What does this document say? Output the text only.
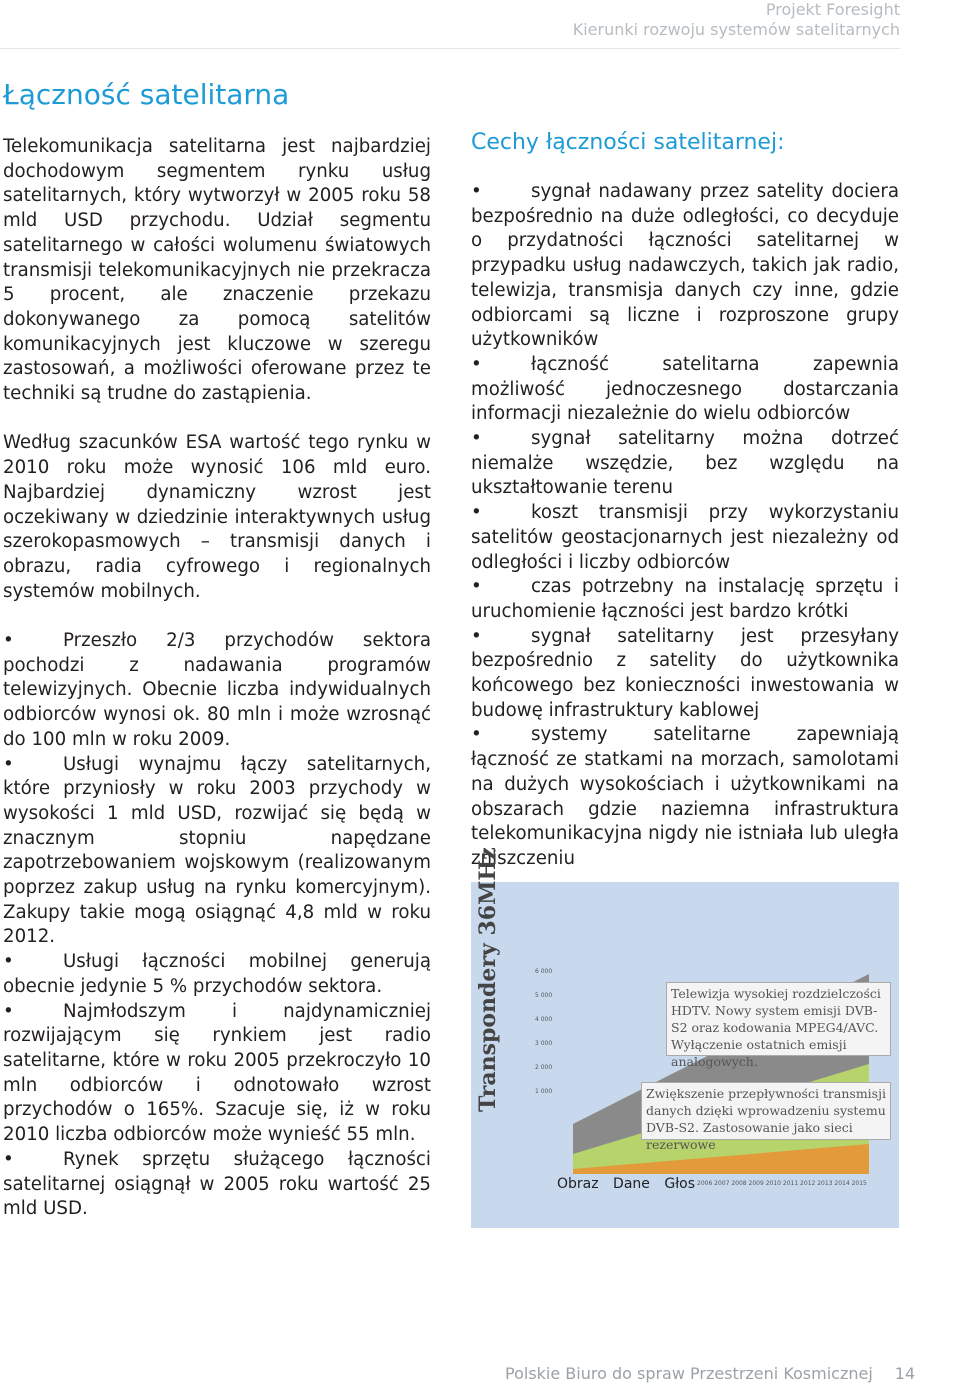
Projekt Foresight
Kierunki rozwoju systemów satelitarnych
Łączność satelitarna

Telekomunikacja satelitarna jest najbardziej dochodowym segmentem rynku usług satelitarnych, który wytworzył w 2005 roku 58 mld USD przychodu. Udział segmentu satelitarnego w całości wolumenu światowych transmisji telekomunikacyjnych nie przekracza 5 procent, ale znaczenie przekazu dokonywanego za pomocą satelitów komunikacyjnych jest kluczowe w szeregu zastosowań, a możliwości oferowane przez te techniki są trudne do zastąpienia.

Według szacunków ESA wartość tego rynku w 2010 roku może wynosić 106 mld euro. Najbardziej dynamiczny wzrost jest oczekiwany w dziedzinie interaktywnych usług szerokopasmowych – transmisji danych i obrazu, radia cyfrowego i regionalnych systemów mobilnych.

•	Przeszło 2/3 przychodów sektora pochodzi z nadawania programów telewizyjnych. Obecnie liczba indywidualnych odbiorców wynosi ok. 80 mln i może wzrosnąć do 100 mln w roku 2009.

•	Usługi wynajmu łączy satelitarnych, które przyniosły w roku 2003 przychody w wysokości 1 mld USD, rozwijać się będą w znacznym stopniu napędzane zapotrzebowaniem wojskowym (realizowanym poprzez zakup usług na rynku komercyjnym). Zakupy takie mogą osiągnąć 4,8 mld w roku 2012.

•	Usługi łączności mobilnej generują obecnie jedynie 5 % przychodów sektora.

•	Najmłodszym i najdynamiczniej rozwijającym się rynkiem jest radio satelitarne, które w roku 2005 przekroczyło 10 mln odbiorców i odnotowało wzrost przychodów o 165%. Szacuje się, iż w roku 2010 liczba odbiorców może wynieść 55 mln.

•	Rynek sprzętu służącego łączności satelitarnej osiągnął w 2005 roku wartość 25 mld USD.

Cechy łączności satelitarnej:

•	sygnał nadawany przez satelity dociera bezpośrednio na duże odległości, co decyduje o przydatności łączności satelitarnej w przypadku usług nadawczych, takich jak radio, telewizja, transmisja danych czy inne, gdzie odbiorcami są liczne i rozproszone grupy użytkowników

•	łączność satelitarna zapewnia możliwość jednoczesnego dostarczania informacji niezależnie do wielu odbiorców

•	sygnał satelitarny można dotrzeć niemalże wszędzie, bez względu na ukształtowanie terenu

•	koszt transmisji przy wykorzystaniu satelitów geostacjonarnych jest niezależny od odległości i liczby odbiorców

•	czas potrzebny na instalację sprzętu i uruchomienie łączności jest bardzo krótki

•	sygnał satelitarny jest przesyłany bezpośrednio z satelity do użytkownika końcowego bez konieczności inwestowania w budowę infrastruktury kablowej

•	systemy satelitarne zapewniają łączność ze statkami na morzach, samolotami na dużych wysokościach i użytkownikami na obszarach gdzie naziemna infrastruktura telekomunikacyjna nigdy nie istniała lub uległa zniszczeniu

Transpondery 36MHz	6 000
5 000
4 000
3 000
2 000
1 000
Telewizja wysokiej rozdzielczości HDTV. Nowy system emisji DVB-S2 oraz kodowania MPEG4/AVC. Wyłączenie ostatnich emisji analogowych.
Zwiększenie przepływności transmisji danych dzięki wprowadzeniu systemu DVB-S2. Zastosowanie jako sieci rezerwowe
Obraz Dane Głos 2006 2007 2008 2009 2010 2011 2012 2013 2014 2015
Polskie Biuro do spraw Przestrzeni Kosmicznej 14
